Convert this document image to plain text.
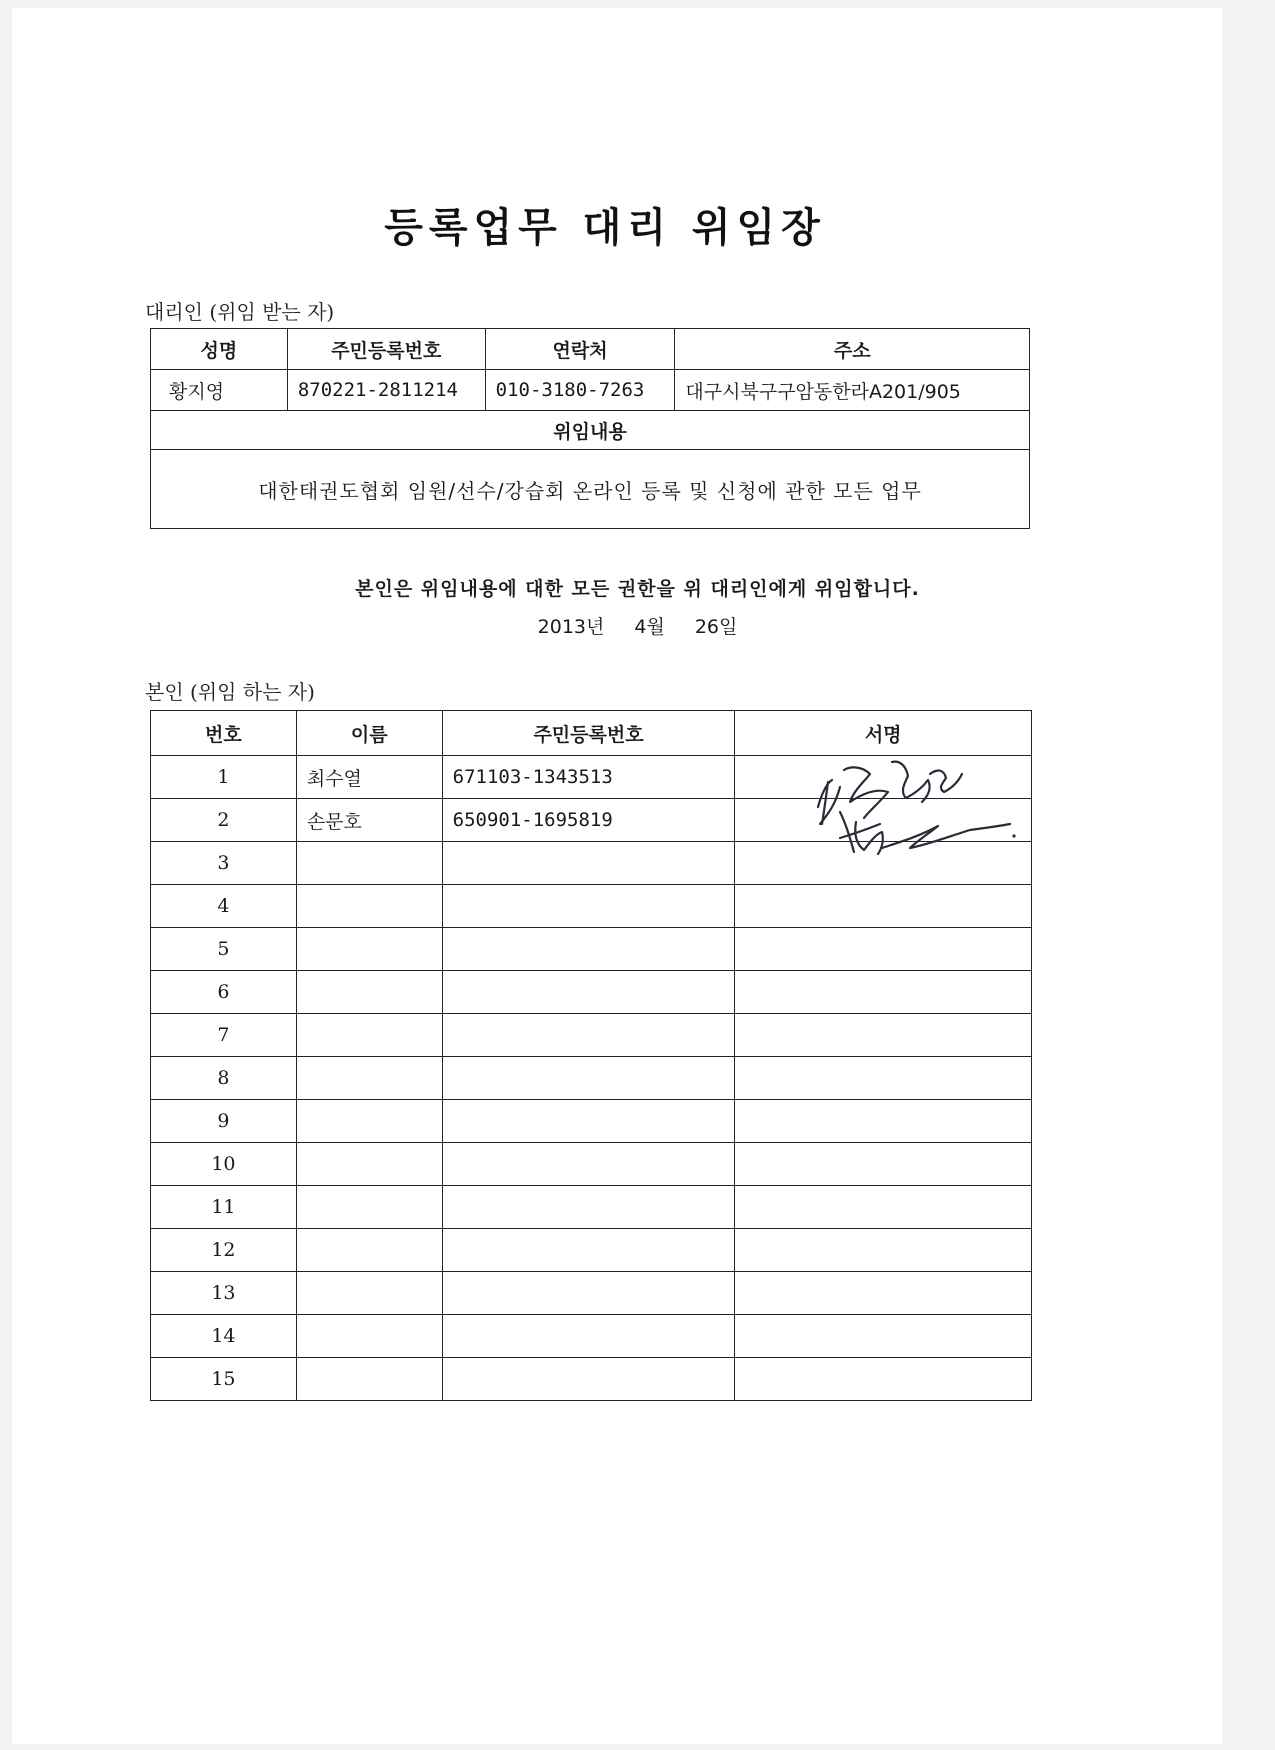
등록업무 대리 위임장
대리인 (위임 받는 자)
성명	주민등록번호	연락처	주소
황지영	870221-2811214	010-3180-7263	대구시북구구암동한라A201/905
위임내용			
대한태권도협회 임원/선수/강습회 온라인 등록 및 신청에 관한 모든 업무			
본인은 위임내용에 대한 모든 권한을 위 대리인에게 위임합니다.
2013년 4월 26일
본인 (위임 하는 자)
번호	이름	주민등록번호	서명
1	최수열	671103-1343513	
2	손문호	650901-1695819	
3			
4			
5			
6			
7			
8			
9			
10			
11			
12			
13			
14			
15			
